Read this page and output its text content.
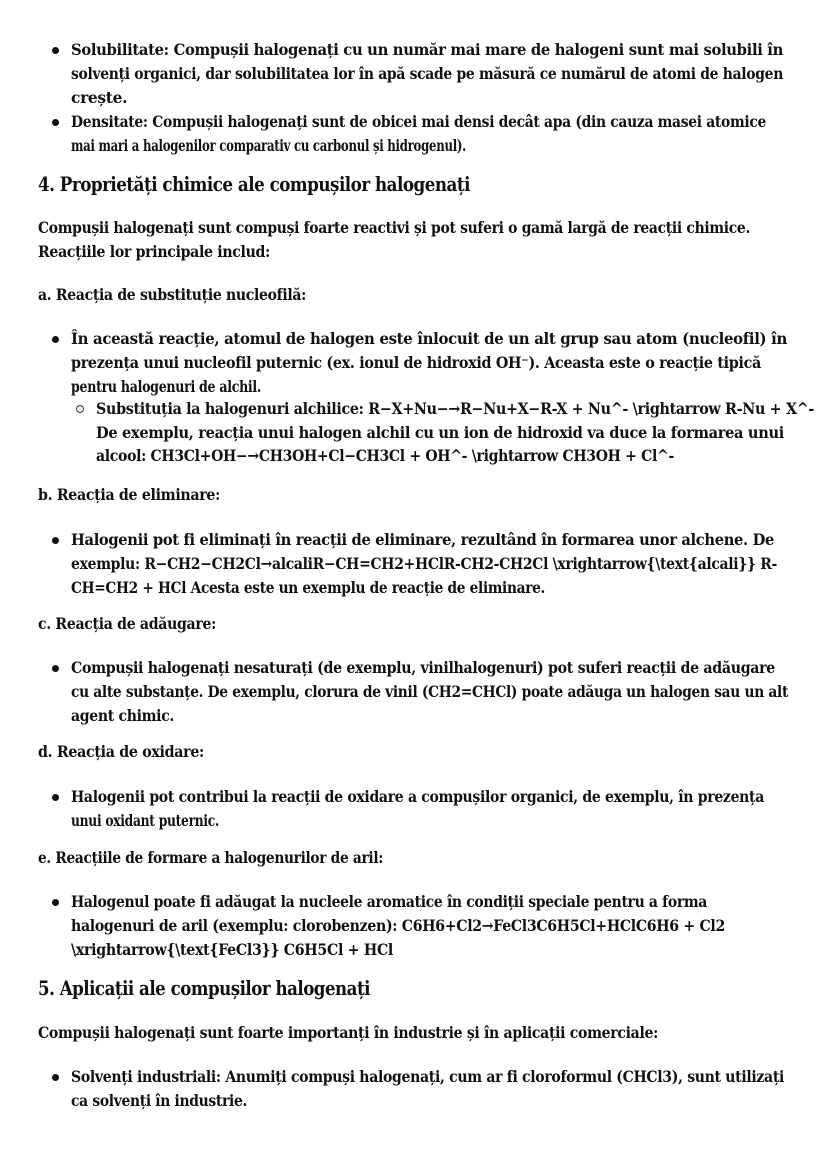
Solubilitate: Compușii halogenați cu un număr mai mare de halogeni sunt mai solubili în
solvenți organici, dar solubilitatea lor în apă scade pe măsură ce numărul de atomi de halogen
crește.
Densitate: Compușii halogenați sunt de obicei mai densi decât apa (din cauza masei atomice
mai mari a halogenilor comparativ cu carbonul și hidrogenul).
4. Proprietăți chimice ale compușilor halogenați
Compușii halogenați sunt compuși foarte reactivi și pot suferi o gamă largă de reacții chimice.
Reacțiile lor principale includ:
a. Reacția de substituție nucleofilă:
În această reacție, atomul de halogen este înlocuit de un alt grup sau atom (nucleofil) în
prezența unui nucleofil puternic (ex. ionul de hidroxid OH⁻). Aceasta este o reacție tipică
pentru halogenuri de alchil.
Substituția la halogenuri alchilice: R−X+Nu−→R−Nu+X−R-X + Nu^- \rightarrow R-Nu + X^-
De exemplu, reacția unui halogen alchil cu un ion de hidroxid va duce la formarea unui
alcool: CH3Cl+OH−→CH3OH+Cl−CH3Cl + OH^- \rightarrow CH3OH + Cl^-
b. Reacția de eliminare:
Halogenii pot fi eliminați în reacții de eliminare, rezultând în formarea unor alchene. De
exemplu: R−CH2−CH2Cl→alcaliR−CH=CH2+HClR-CH2-CH2Cl \xrightarrow{\text{alcali}} R-
CH=CH2 + HCl Acesta este un exemplu de reacție de eliminare.
c. Reacția de adăugare:
Compușii halogenați nesaturați (de exemplu, vinilhalogenuri) pot suferi reacții de adăugare
cu alte substanțe. De exemplu, clorura de vinil (CH2=CHCl) poate adăuga un halogen sau un alt
agent chimic.
d. Reacția de oxidare:
Halogenii pot contribui la reacții de oxidare a compușilor organici, de exemplu, în prezența
unui oxidant puternic.
e. Reacțiile de formare a halogenurilor de aril:
Halogenul poate fi adăugat la nucleele aromatice în condiții speciale pentru a forma
halogenuri de aril (exemplu: clorobenzen): C6H6+Cl2→FeCl3C6H5Cl+HClC6H6 + Cl2
\xrightarrow{\text{FeCl3}} C6H5Cl + HCl
5. Aplicații ale compușilor halogenați
Compușii halogenați sunt foarte importanți în industrie și în aplicații comerciale:
Solvenți industriali: Anumiți compuși halogenați, cum ar fi cloroformul (CHCl3), sunt utilizați
ca solvenți în industrie.
